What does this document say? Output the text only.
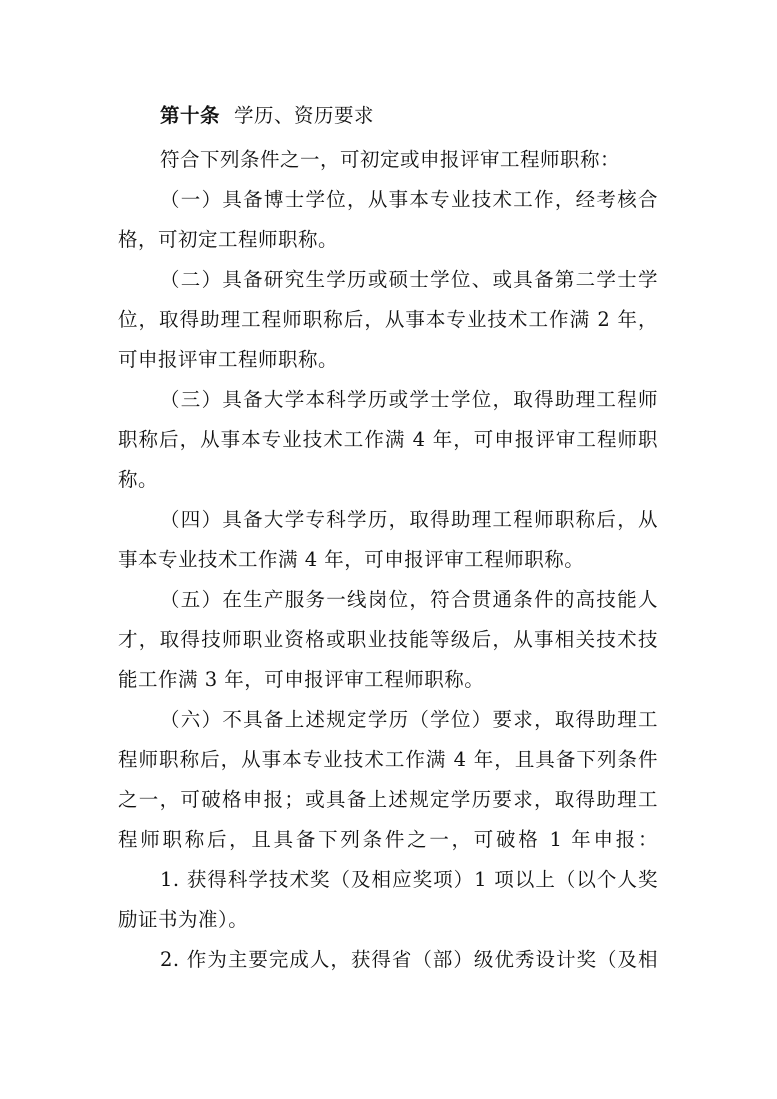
第十条 学历、资历要求
符合下列条件之一，可初定或申报评审工程师职称：
（一）具备博士学位，从事本专业技术工作，经考核合
格，可初定工程师职称。
（二）具备研究生学历或硕士学位、或具备第二学士学
位，取得助理工程师职称后，从事本专业技术工作满 2 年，
可申报评审工程师职称。
（三）具备大学本科学历或学士学位，取得助理工程师
职称后，从事本专业技术工作满 4 年，可申报评审工程师职
称。
（四）具备大学专科学历，取得助理工程师职称后，从
事本专业技术工作满 4 年，可申报评审工程师职称。
（五）在生产服务一线岗位，符合贯通条件的高技能人
才，取得技师职业资格或职业技能等级后，从事相关技术技
能工作满 3 年，可申报评审工程师职称。
（六）不具备上述规定学历（学位）要求，取得助理工
程师职称后，从事本专业技术工作满 4 年，且具备下列条件
之一，可破格申报；或具备上述规定学历要求，取得助理工
程师职称后，且具备下列条件之一，可破格 1 年申报：
1. 获得科学技术奖（及相应奖项）1 项以上（以个人奖
励证书为准）。
2. 作为主要完成人，获得省（部）级优秀设计奖（及相
